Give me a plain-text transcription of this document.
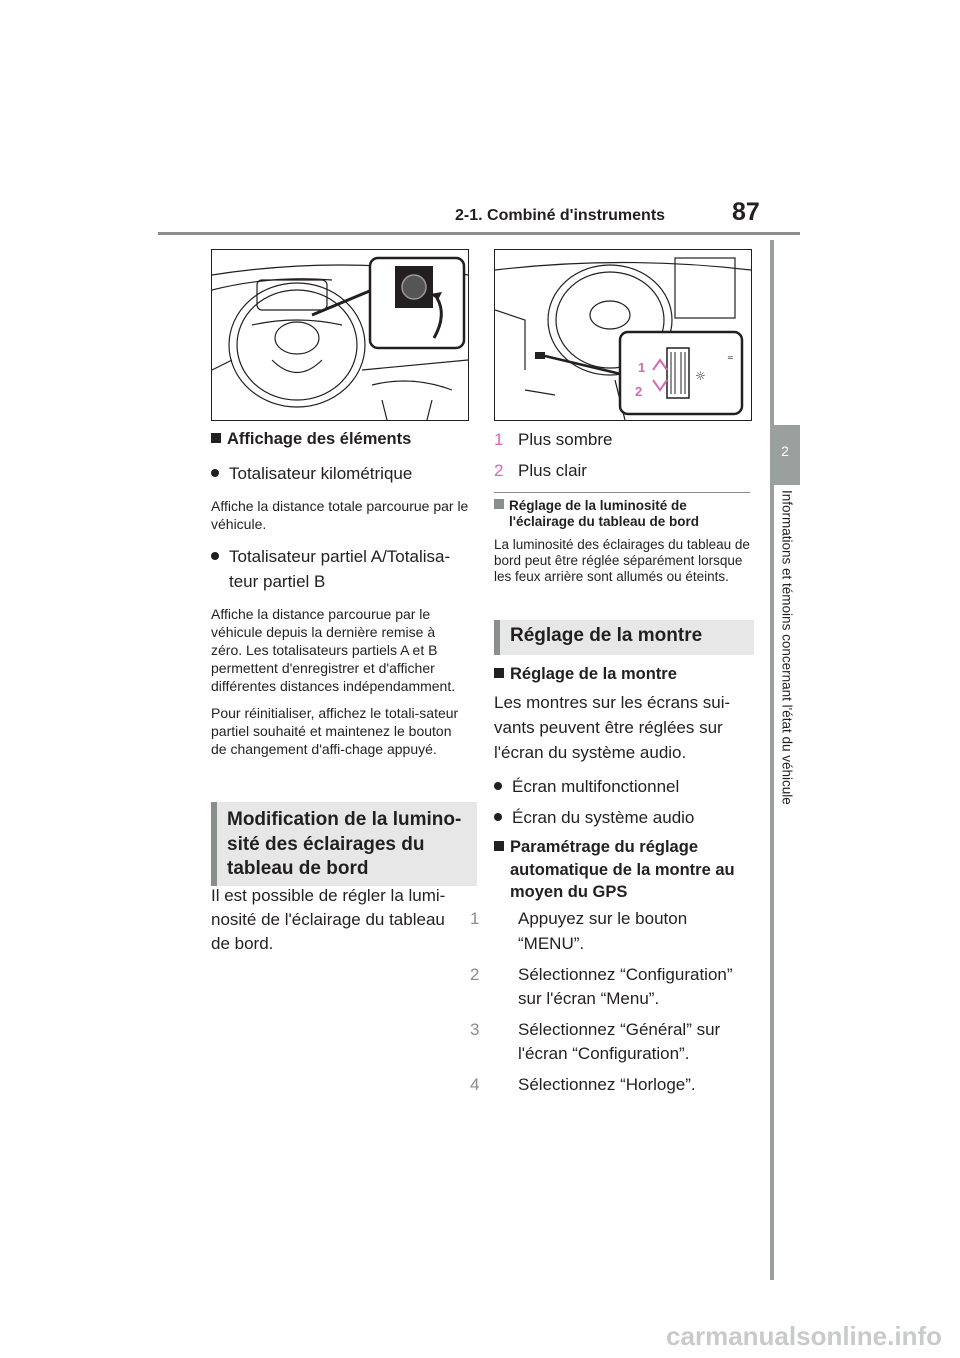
2-1. Combiné d'instruments	87
2
Informations et témoins concernant l'état du véhicule
☼
=
1
2
Affichage des éléments
Totalisateur kilométrique
Affiche la distance totale parcourue par le véhicule.
Totalisateur partiel A/Totalisa-
teur partiel B
Affiche la distance parcourue par le véhicule depuis la dernière remise à zéro. Les totalisateurs partiels A et B permettent d'enregistrer et d'afficher différentes distances indépendamment.
Pour réinitialiser, affichez le totali-sateur partiel souhaité et maintenez le bouton de changement d'affi-chage appuyé.
Modification de la lumino-sité des éclairages du tableau de bord
Il est possible de régler la lumi-nosité de l'éclairage du tableau de bord.
1 Plus sombre
2 Plus clair
Réglage de la luminosité de l'éclairage du tableau de bord
La luminosité des éclairages du tableau de bord peut être réglée séparément lorsque les feux arrière sont allumés ou éteints.
Réglage de la montre
Réglage de la montre
Les montres sur les écrans sui-vants peuvent être réglées sur l'écran du système audio.
Écran multifonctionnel
Écran du système audio
Paramétrage du réglage automatique de la montre au moyen du GPS
1 Appuyez sur le bouton “MENU”.
2 Sélectionnez “Configuration” sur l'écran “Menu”.
3 Sélectionnez “Général” sur l'écran “Configuration”.
4 Sélectionnez “Horloge”.
carmanualsonline.info
